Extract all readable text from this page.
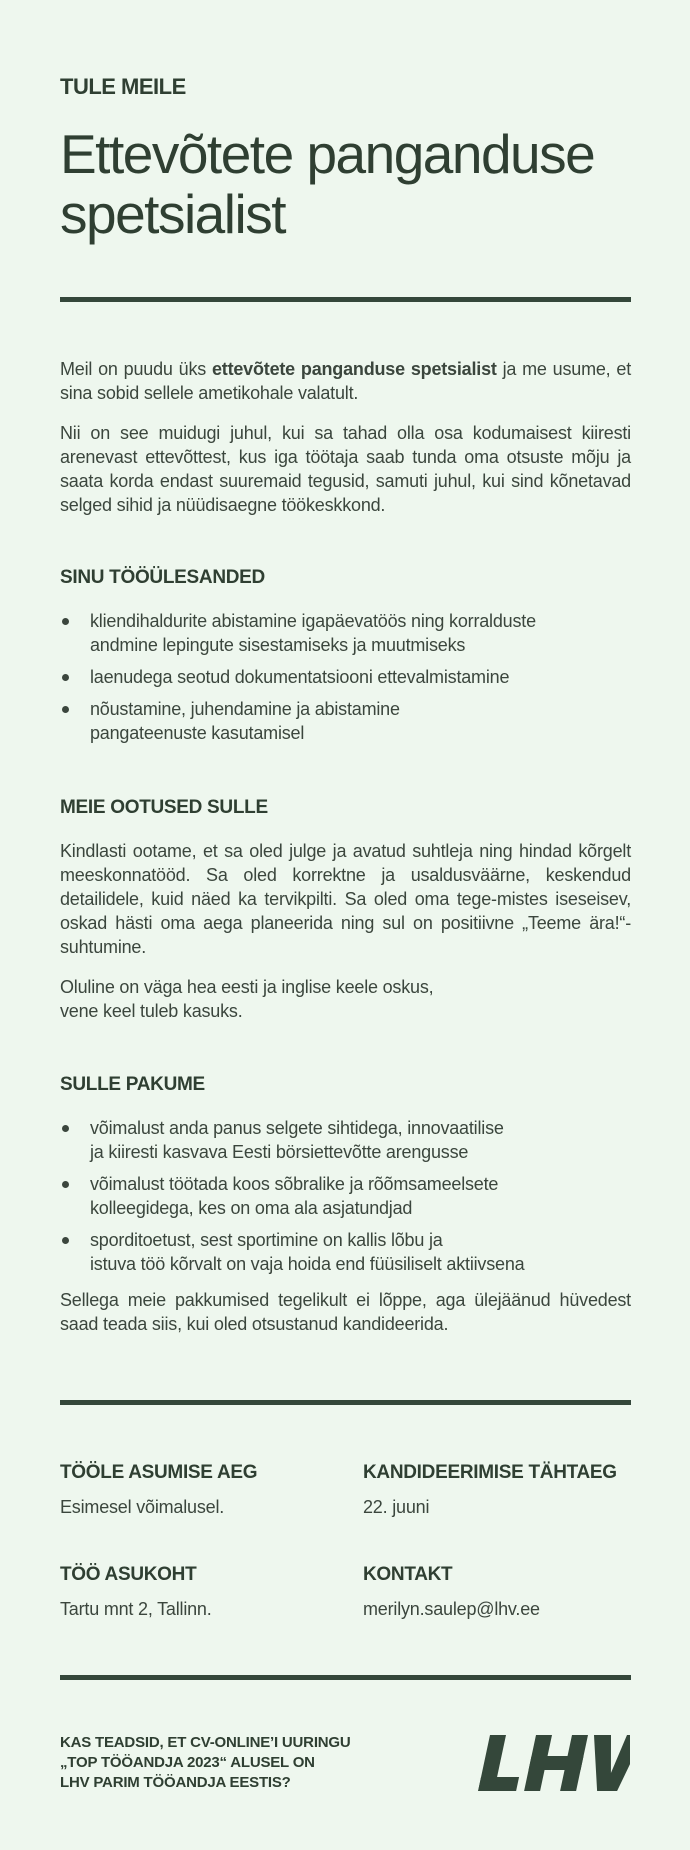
TULE MEILE
Ettevõtete panganduse
spetsialist

Meil on puudu üks ettevõtete panganduse spetsialist ja me usume, et sina sobid sellele ametikohale valatult.

Nii on see muidugi juhul, kui sa tahad olla osa kodumaisest kiiresti arenevast ettevõttest, kus iga töötaja saab tunda oma otsuste mõju ja saata korda endast suuremaid tegusid, samuti juhul, kui sind kõnetavad selged sihid ja nüüdisaegne töökeskkond.

SINU TÖÖÜLESANDED
kliendihaldurite abistamine igapäevatöös ning korralduste
andmine lepingute sisestamiseks ja muutmiseks
laenudega seotud dokumentatsiooni ettevalmistamine
nõustamine, juhendamine ja abistamine
pangateenuste kasutamisel
MEIE OOTUSED SULLE

Kindlasti ootame, et sa oled julge ja avatud suhtleja ning hindad kõrgelt meeskonnatööd. Sa oled korrektne ja usaldusväärne, keskendud detailidele, kuid näed ka tervikpilti. Sa oled oma tege-mistes iseseisev, oskad hästi oma aega planeerida ning sul on positiivne „Teeme ära!“-suhtumine.

Oluline on väga hea eesti ja inglise keele oskus,
vene keel tuleb kasuks.

SULLE PAKUME
võimalust anda panus selgete sihtidega, innovaatilise
ja kiiresti kasvava Eesti börsiettevõtte arengusse
võimalust töötada koos sõbralike ja rõõmsameelsete
kolleegidega, kes on oma ala asjatundjad
sporditoetust, sest sportimine on kallis lõbu ja
istuva töö kõrvalt on vaja hoida end füüsiliselt aktiivsena

Sellega meie pakkumised tegelikult ei lõppe, aga ülejäänud hüvedest saad teada siis, kui oled otsustanud kandideerida.

TÖÖLE ASUMISE AEG

Esimesel võimalusel.

KANDIDEERIMISE TÄHTAEG

22. juuni

TÖÖ ASUKOHT

Tartu mnt 2, Tallinn.

KONTAKT

merilyn.saulep@lhv.ee

KAS TEADSID, ET CV-ONLINE’I UURINGU
„TOP TÖÖANDJA 2023“ ALUSEL ON
LHV PARIM TÖÖANDJA EESTIS?
